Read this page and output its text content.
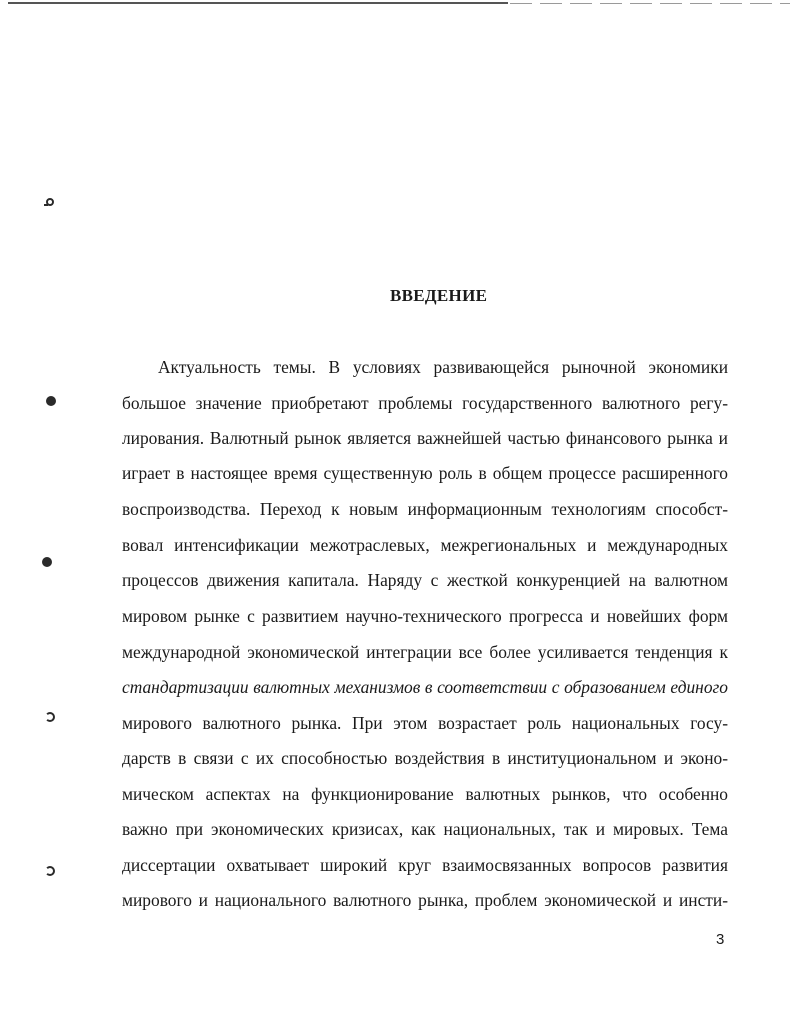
ВВЕДЕНИЕ
Актуальность темы. В условиях развивающейся рыночной экономики
большое значение приобретают проблемы государственного валютного регу-
лирования. Валютный рынок является важнейшей частью финансового рынка и
играет в настоящее время существенную роль в общем процессе расширенного
воспроизводства. Переход к новым информационным технологиям способст-
вовал интенсификации межотраслевых, межрегиональных и международных
процессов движения капитала. Наряду с жесткой конкуренцией на валютном
мировом рынке с развитием научно-технического прогресса и новейших форм
международной экономической интеграции все более усиливается тенденция к
стандартизации валютных механизмов в соответствии с образованием единого
мирового валютного рынка. При этом возрастает роль национальных госу-
дарств в связи с их способностью воздействия в институциональном и эконо-
мическом аспектах на функционирование валютных рынков, что особенно
важно при экономических кризисах, как национальных, так и мировых. Тема
диссертации охватывает широкий круг взаимосвязанных вопросов развития
мирового и национального валютного рынка, проблем экономической и инсти-
3
